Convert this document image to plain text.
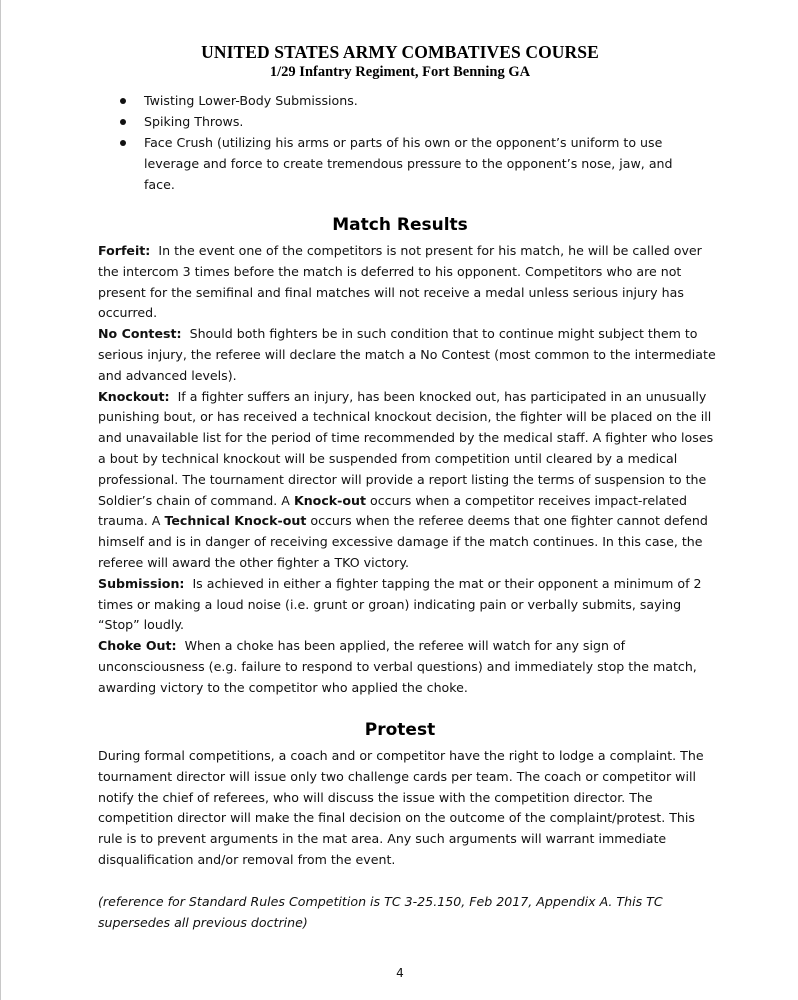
UNITED STATES ARMY COMBATIVES COURSE
1/29 Infantry Regiment, Fort Benning GA
Twisting Lower-Body Submissions.
Spiking Throws.
Face Crush (utilizing his arms or parts of his own or the opponent’s uniform to use leverage and force to create tremendous pressure to the opponent’s nose, jaw, and face.
Match Results

Forfeit: In the event one of the competitors is not present for his match, he will be called over the intercom 3 times before the match is deferred to his opponent. Competitors who are not present for the semifinal and final matches will not receive a medal unless serious injury has occurred.

No Contest: Should both fighters be in such condition that to continue might subject them to serious injury, the referee will declare the match a No Contest (most common to the intermediate and advanced levels).

Knockout: If a fighter suffers an injury, has been knocked out, has participated in an unusually punishing bout, or has received a technical knockout decision, the fighter will be placed on the ill and unavailable list for the period of time recommended by the medical staff. A fighter who loses a bout by technical knockout will be suspended from competition until cleared by a medical professional. The tournament director will provide a report listing the terms of suspension to the Soldier’s chain of command. A Knock-out occurs when a competitor receives impact-related trauma. A Technical Knock-out occurs when the referee deems that one fighter cannot defend himself and is in danger of receiving excessive damage if the match continues. In this case, the referee will award the other fighter a TKO victory.

Submission: Is achieved in either a fighter tapping the mat or their opponent a minimum of 2 times or making a loud noise (i.e. grunt or groan) indicating pain or verbally submits, saying “Stop” loudly.

Choke Out: When a choke has been applied, the referee will watch for any sign of unconsciousness (e.g. failure to respond to verbal questions) and immediately stop the match, awarding victory to the competitor who applied the choke.

Protest

During formal competitions, a coach and or competitor have the right to lodge a complaint. The tournament director will issue only two challenge cards per team. The coach or competitor will notify the chief of referees, who will discuss the issue with the competition director. The competition director will make the final decision on the outcome of the complaint/protest. This rule is to prevent arguments in the mat area. Any such arguments will warrant immediate disqualification and/or removal from the event.

(reference for Standard Rules Competition is TC 3-25.150, Feb 2017, Appendix A. This TC supersedes all previous doctrine)
4
